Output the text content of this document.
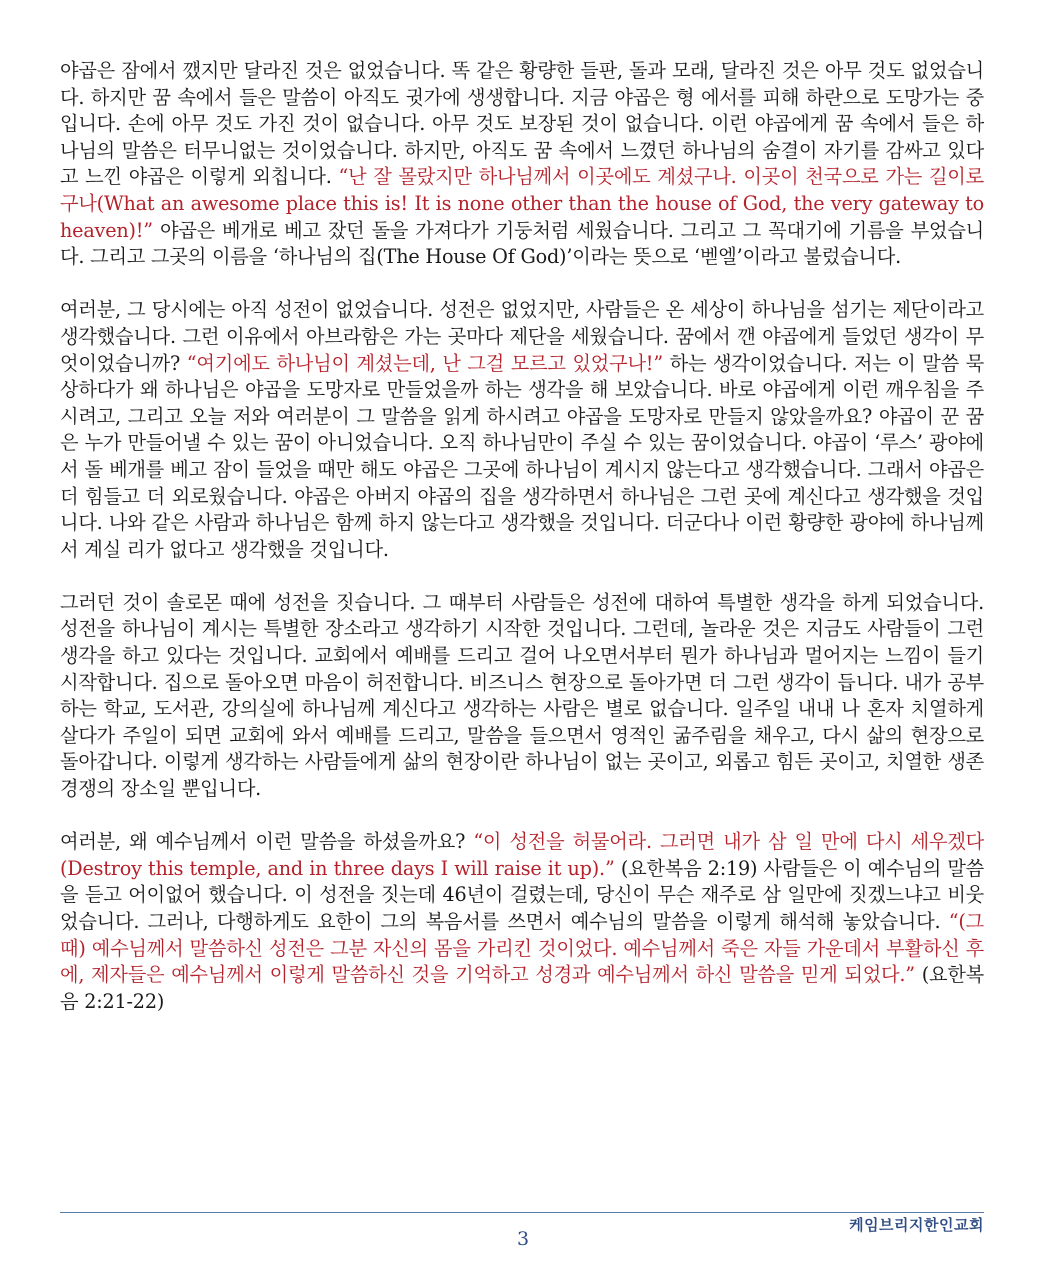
야곱은 잠에서 깼지만 달라진 것은 없었습니다. 똑 같은 황량한 들판, 돌과 모래, 달라진 것은 아무 것도 없었습니다. 하지만 꿈 속에서 들은 말씀이 아직도 귓가에 생생합니다. 지금 야곱은 형 에서를 피해 하란으로 도망가는 중입니다. 손에 아무 것도 가진 것이 없습니다. 아무 것도 보장된 것이 없습니다. 이런 야곱에게 꿈 속에서 들은 하나님의 말씀은 터무니없는 것이었습니다. 하지만, 아직도 꿈 속에서 느꼈던 하나님의 숨결이 자기를 감싸고 있다고 느낀 야곱은 이렇게 외칩니다. “난 잘 몰랐지만 하나님께서 이곳에도 계셨구나. 이곳이 천국으로 가는 길이로구나(What an awesome place this is! It is none other than the house of God, the very gateway to heaven)!” 야곱은 베개로 베고 잤던 돌을 가져다가 기둥처럼 세웠습니다. 그리고 그 꼭대기에 기름을 부었습니다. 그리고 그곳의 이름을 ‘하나님의 집(The House Of God)’이라는 뜻으로 ‘벧엘’이라고 불렀습니다.

여러분, 그 당시에는 아직 성전이 없었습니다. 성전은 없었지만, 사람들은 온 세상이 하나님을 섬기는 제단이라고 생각했습니다. 그런 이유에서 아브라함은 가는 곳마다 제단을 세웠습니다. 꿈에서 깬 야곱에게 들었던 생각이 무엇이었습니까? “여기에도 하나님이 계셨는데, 난 그걸 모르고 있었구나!” 하는 생각이었습니다. 저는 이 말씀 묵상하다가 왜 하나님은 야곱을 도망자로 만들었을까 하는 생각을 해 보았습니다. 바로 야곱에게 이런 깨우침을 주시려고, 그리고 오늘 저와 여러분이 그 말씀을 읽게 하시려고 야곱을 도망자로 만들지 않았을까요? 야곱이 꾼 꿈은 누가 만들어낼 수 있는 꿈이 아니었습니다. 오직 하나님만이 주실 수 있는 꿈이었습니다. 야곱이 ‘루스’ 광야에서 돌 베개를 베고 잠이 들었을 때만 해도 야곱은 그곳에 하나님이 계시지 않는다고 생각했습니다. 그래서 야곱은 더 힘들고 더 외로웠습니다. 야곱은 아버지 야곱의 집을 생각하면서 하나님은 그런 곳에 계신다고 생각했을 것입니다. 나와 같은 사람과 하나님은 함께 하지 않는다고 생각했을 것입니다. 더군다나 이런 황량한 광야에 하나님께서 계실 리가 없다고 생각했을 것입니다.

그러던 것이 솔로몬 때에 성전을 짓습니다. 그 때부터 사람들은 성전에 대하여 특별한 생각을 하게 되었습니다. 성전을 하나님이 계시는 특별한 장소라고 생각하기 시작한 것입니다. 그런데, 놀라운 것은 지금도 사람들이 그런 생각을 하고 있다는 것입니다. 교회에서 예배를 드리고 걸어 나오면서부터 뭔가 하나님과 멀어지는 느낌이 들기 시작합니다. 집으로 돌아오면 마음이 허전합니다. 비즈니스 현장으로 돌아가면 더 그런 생각이 듭니다. 내가 공부하는 학교, 도서관, 강의실에 하나님께 계신다고 생각하는 사람은 별로 없습니다. 일주일 내내 나 혼자 치열하게 살다가 주일이 되면 교회에 와서 예배를 드리고, 말씀을 들으면서 영적인 굶주림을 채우고, 다시 삶의 현장으로 돌아갑니다. 이렇게 생각하는 사람들에게 삶의 현장이란 하나님이 없는 곳이고, 외롭고 힘든 곳이고, 치열한 생존경쟁의 장소일 뿐입니다.

여러분, 왜 예수님께서 이런 말씀을 하셨을까요? “이 성전을 허물어라. 그러면 내가 삼 일 만에 다시 세우겠다(Destroy this temple, and in three days I will raise it up).” (요한복음 2:19) 사람들은 이 예수님의 말씀을 듣고 어이없어 했습니다. 이 성전을 짓는데 46년이 걸렸는데, 당신이 무슨 재주로 삼 일만에 짓겠느냐고 비웃었습니다. 그러나, 다행하게도 요한이 그의 복음서를 쓰면서 예수님의 말씀을 이렇게 해석해 놓았습니다. “(그 때) 예수님께서 말씀하신 성전은 그분 자신의 몸을 가리킨 것이었다. 예수님께서 죽은 자들 가운데서 부활하신 후에, 제자들은 예수님께서 이렇게 말씀하신 것을 기억하고 성경과 예수님께서 하신 말씀을 믿게 되었다.” (요한복음 2:21-22)

케임브리지한인교회
3
